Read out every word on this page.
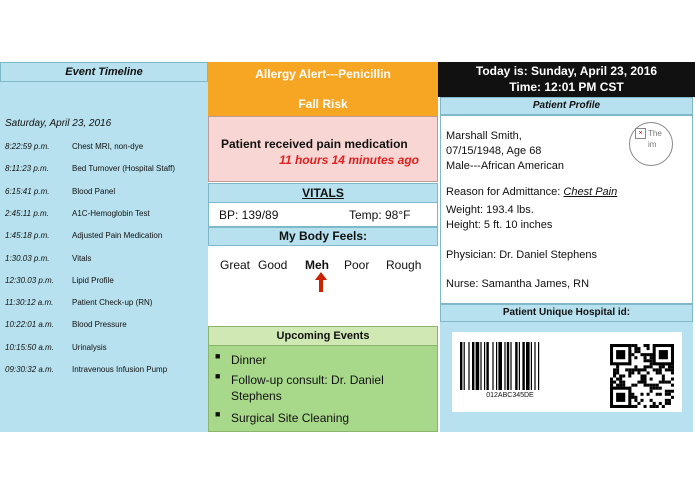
Event Timeline
Saturday, April 23, 2016
8:22:59 p.m.	Chest MRI, non-dye
8:11:23 p.m.	Bed Turnover (Hospital Staff)
6:15:41 p.m.	Blood Panel
2:45:11 p.m.	A1C-Hemoglobin Test
1:45:18 p.m.	Adjusted Pain Medication
1:30.03 p.m.	Vitals
12:30.03 p.m. Lipid Profile
11:30:12 a.m. Patient Check-up (RN)
10:22:01 a.m. Blood Pressure
10:15:50 a.m. Urinalysis
09:30:32 a.m. Intravenous Infusion Pump
Allergy Alert---Penicillin
Fall Risk
Patient received pain medication
11 hours 14 minutes ago
VITALS
BP: 139/89	Temp: 98°F
My Body Feels:
Great Good Meh Poor Rough
Upcoming Events
■ Dinner
■ Follow-up consult: Dr. Daniel Stephens
■ Surgical Site Cleaning
Today is: Sunday, April 23, 2016
Time: 12:01 PM CST
Patient Profile
Marshall Smith,
07/15/1948, Age 68
Male---African American
Reason for Admittance: Chest Pain
Weight: 193.4 lbs.
Height: 5 ft. 10 inches
Physician: Dr. Daniel Stephens
Nurse: Samantha James, RN
× The im
Patient Unique Hospital id:
012ABC345DE
